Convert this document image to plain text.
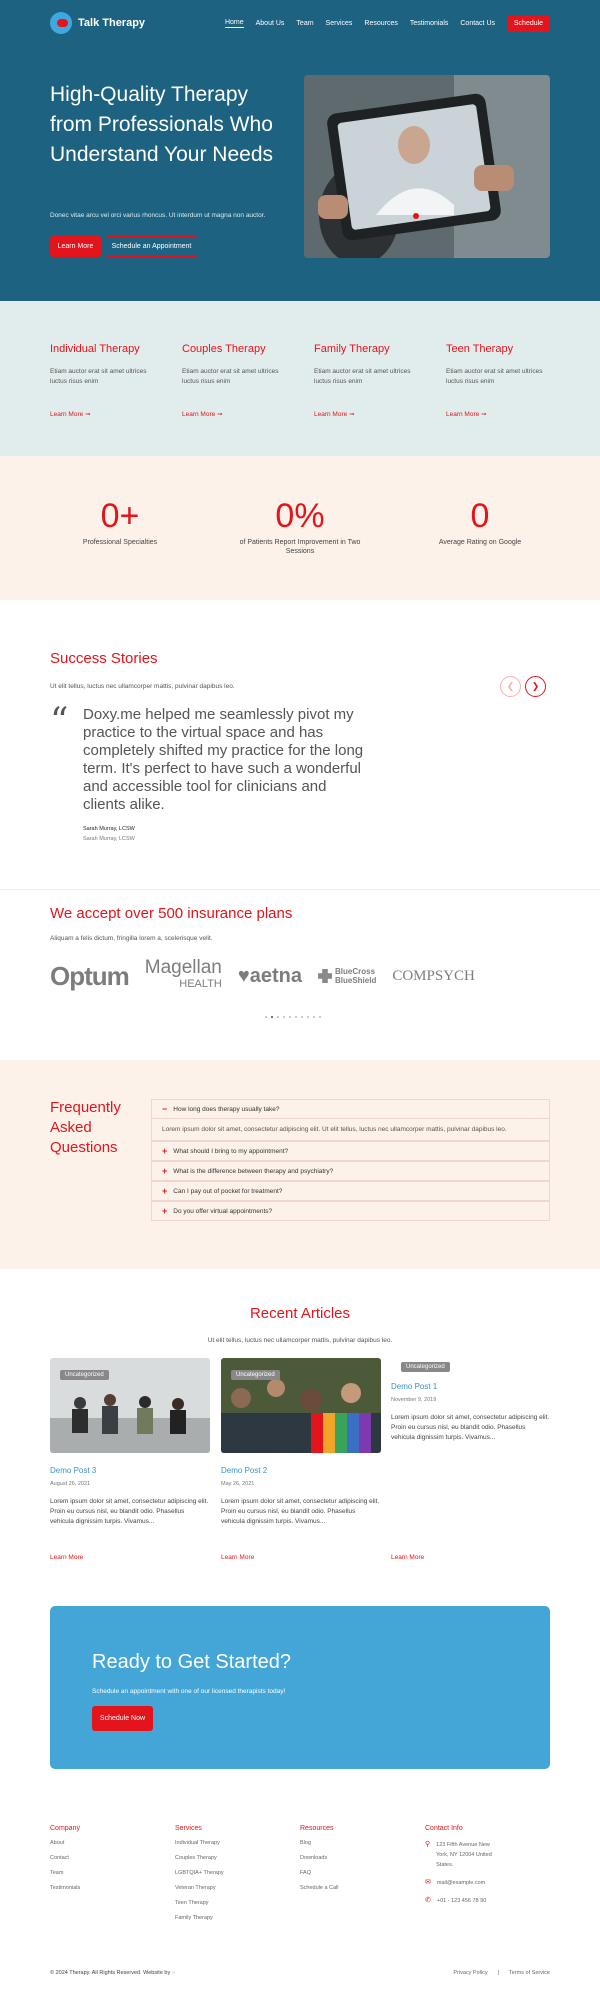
Talk Therapy	Home About Us Team Services Resources Testimonials Contact Us	Schedule
High-Quality Therapy from Professionals Who Understand Your Needs

Donec vitae arcu vel orci varius rhoncus. Ut interdum ut magna non auctor.

Learn More	Schedule an Appointment
Individual Therapy

Etiam auctor erat sit amet ultrices luctus risus enim

Learn More ➞
Couples Therapy

Etiam auctor erat sit amet ultrices luctus risus enim

Learn More ➞
Family Therapy

Etiam auctor erat sit amet ultrices luctus risus enim

Learn More ➞
Teen Therapy

Etiam auctor erat sit amet ultrices luctus risus enim

Learn More ➞
0+
Professional Specialties
0%
of Patients Report Improvement in Two Sessions
0
Average Rating on Google
Success Stories

Ut elit tellus, luctus nec ullamcorper mattis, pulvinar dapibus leo.	❮	❯
“ Doxy.me helped me seamlessly pivot my practice to the virtual space and has completely shifted my practice for the long term. It's perfect to have such a wonderful and accessible tool for clinicians and clients alike.

Sarah Murray, LCSW

Sarah Murray, LCSW

We accept over 500 insurance plans

Aliquam a felis dictum, fringilla lorem a, scelerisque velit.

Optum Magellan
HEALTH ♥aetna	BlueCross
BlueShield COMPSYCH
Frequently Asked Questions
− How long does therapy usually take?
Lorem ipsum dolor sit amet, consectetur adipiscing elit. Ut elit tellus, luctus nec ullamcorper mattis, pulvinar dapibus leo.
+ What should I bring to my appointment?
+ What is the difference between therapy and psychiatry?
+ Can I pay out of pocket for treatment?
+ Do you offer virtual appointments?
Recent Articles

Ut elit tellus, luctus nec ullamcorper mattis, pulvinar dapibus leo.

Uncategorized
Demo Post 3
August 26, 2021
Lorem ipsum dolor sit amet, consectetur adipiscing elit. Proin eu cursus nisl, eu blandit odio. Phasellus vehicula dignissim turpis. Vivamus...
Learn More
Uncategorized
Demo Post 2
May 26, 2021
Lorem ipsum dolor sit amet, consectetur adipiscing elit. Proin eu cursus nisl, eu blandit odio. Phasellus vehicula dignissim turpis. Vivamus...
Learn More
Uncategorized
Demo Post 1
November 9, 2019
Lorem ipsum dolor sit amet, consectetur adipiscing elit. Proin eu cursus nisl, eu blandit odio. Phasellus vehicula dignissim turpis. Vivamus...
Learn More
Ready to Get Started?

Schedule an appointment with one of our licensed therapists today!

Schedule Now
Company
About
Contact
Team
Testimonials
Services
Individual Therapy
Couples Therapy
LGBTQIA+ Therapy
Veteran Therapy
Teen Therapy
Family Therapy
Resources
Blog
Downloads
FAQ
Schedule a Call
Contact Info
⚲ 123 Fifth Avenue New York, NY 12004 United States.
✉ mail@example.com
✆ +01 - 123 456 78 90
© 2024 Therapy. All Rights Reserved. Website by ◌	Privacy Policy | Terms of Service
